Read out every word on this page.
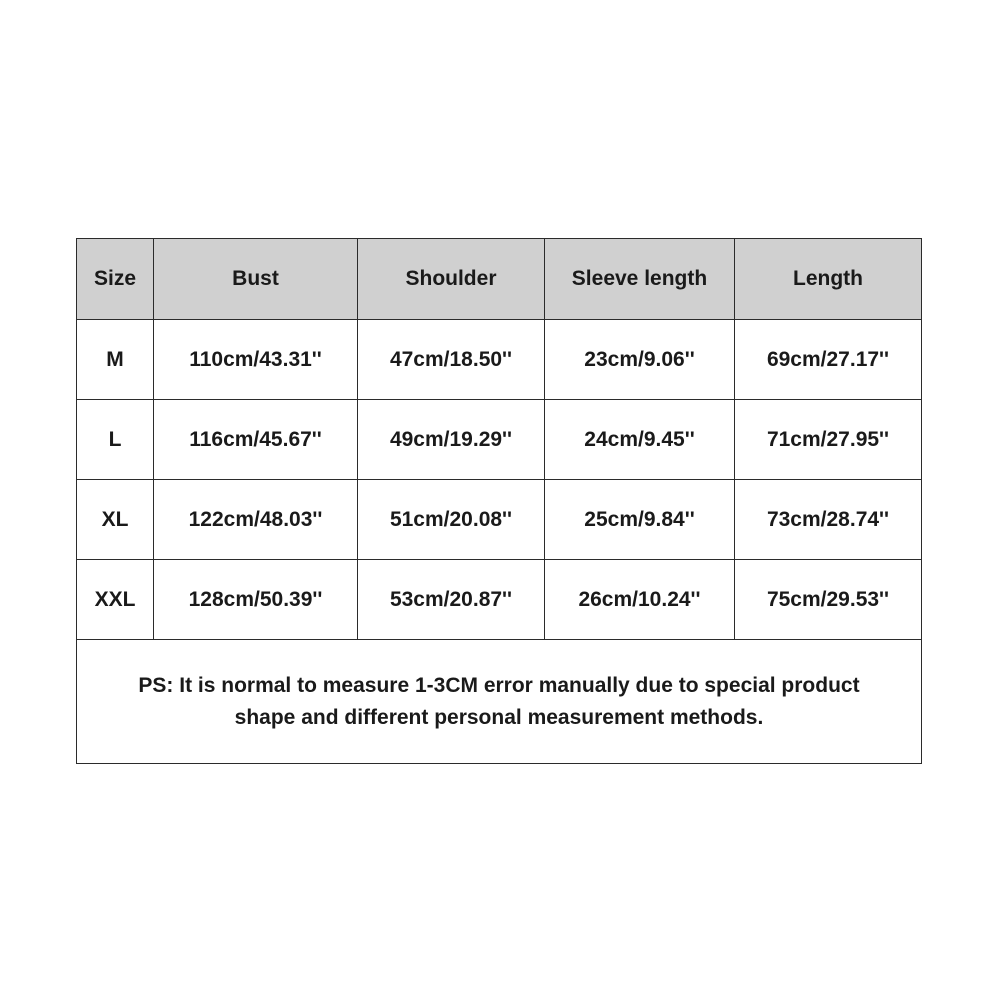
Size	Bust	Shoulder	Sleeve length	Length
M	110cm/43.31''	47cm/18.50''	23cm/9.06''	69cm/27.17''
L	116cm/45.67''	49cm/19.29''	24cm/9.45''	71cm/27.95''
XL	122cm/48.03''	51cm/20.08''	25cm/9.84''	73cm/28.74''
XXL	128cm/50.39''	53cm/20.87''	26cm/10.24''	75cm/29.53''

PS: It is normal to measure 1-3CM error manually due to special product
shape and different personal measurement methods.				
